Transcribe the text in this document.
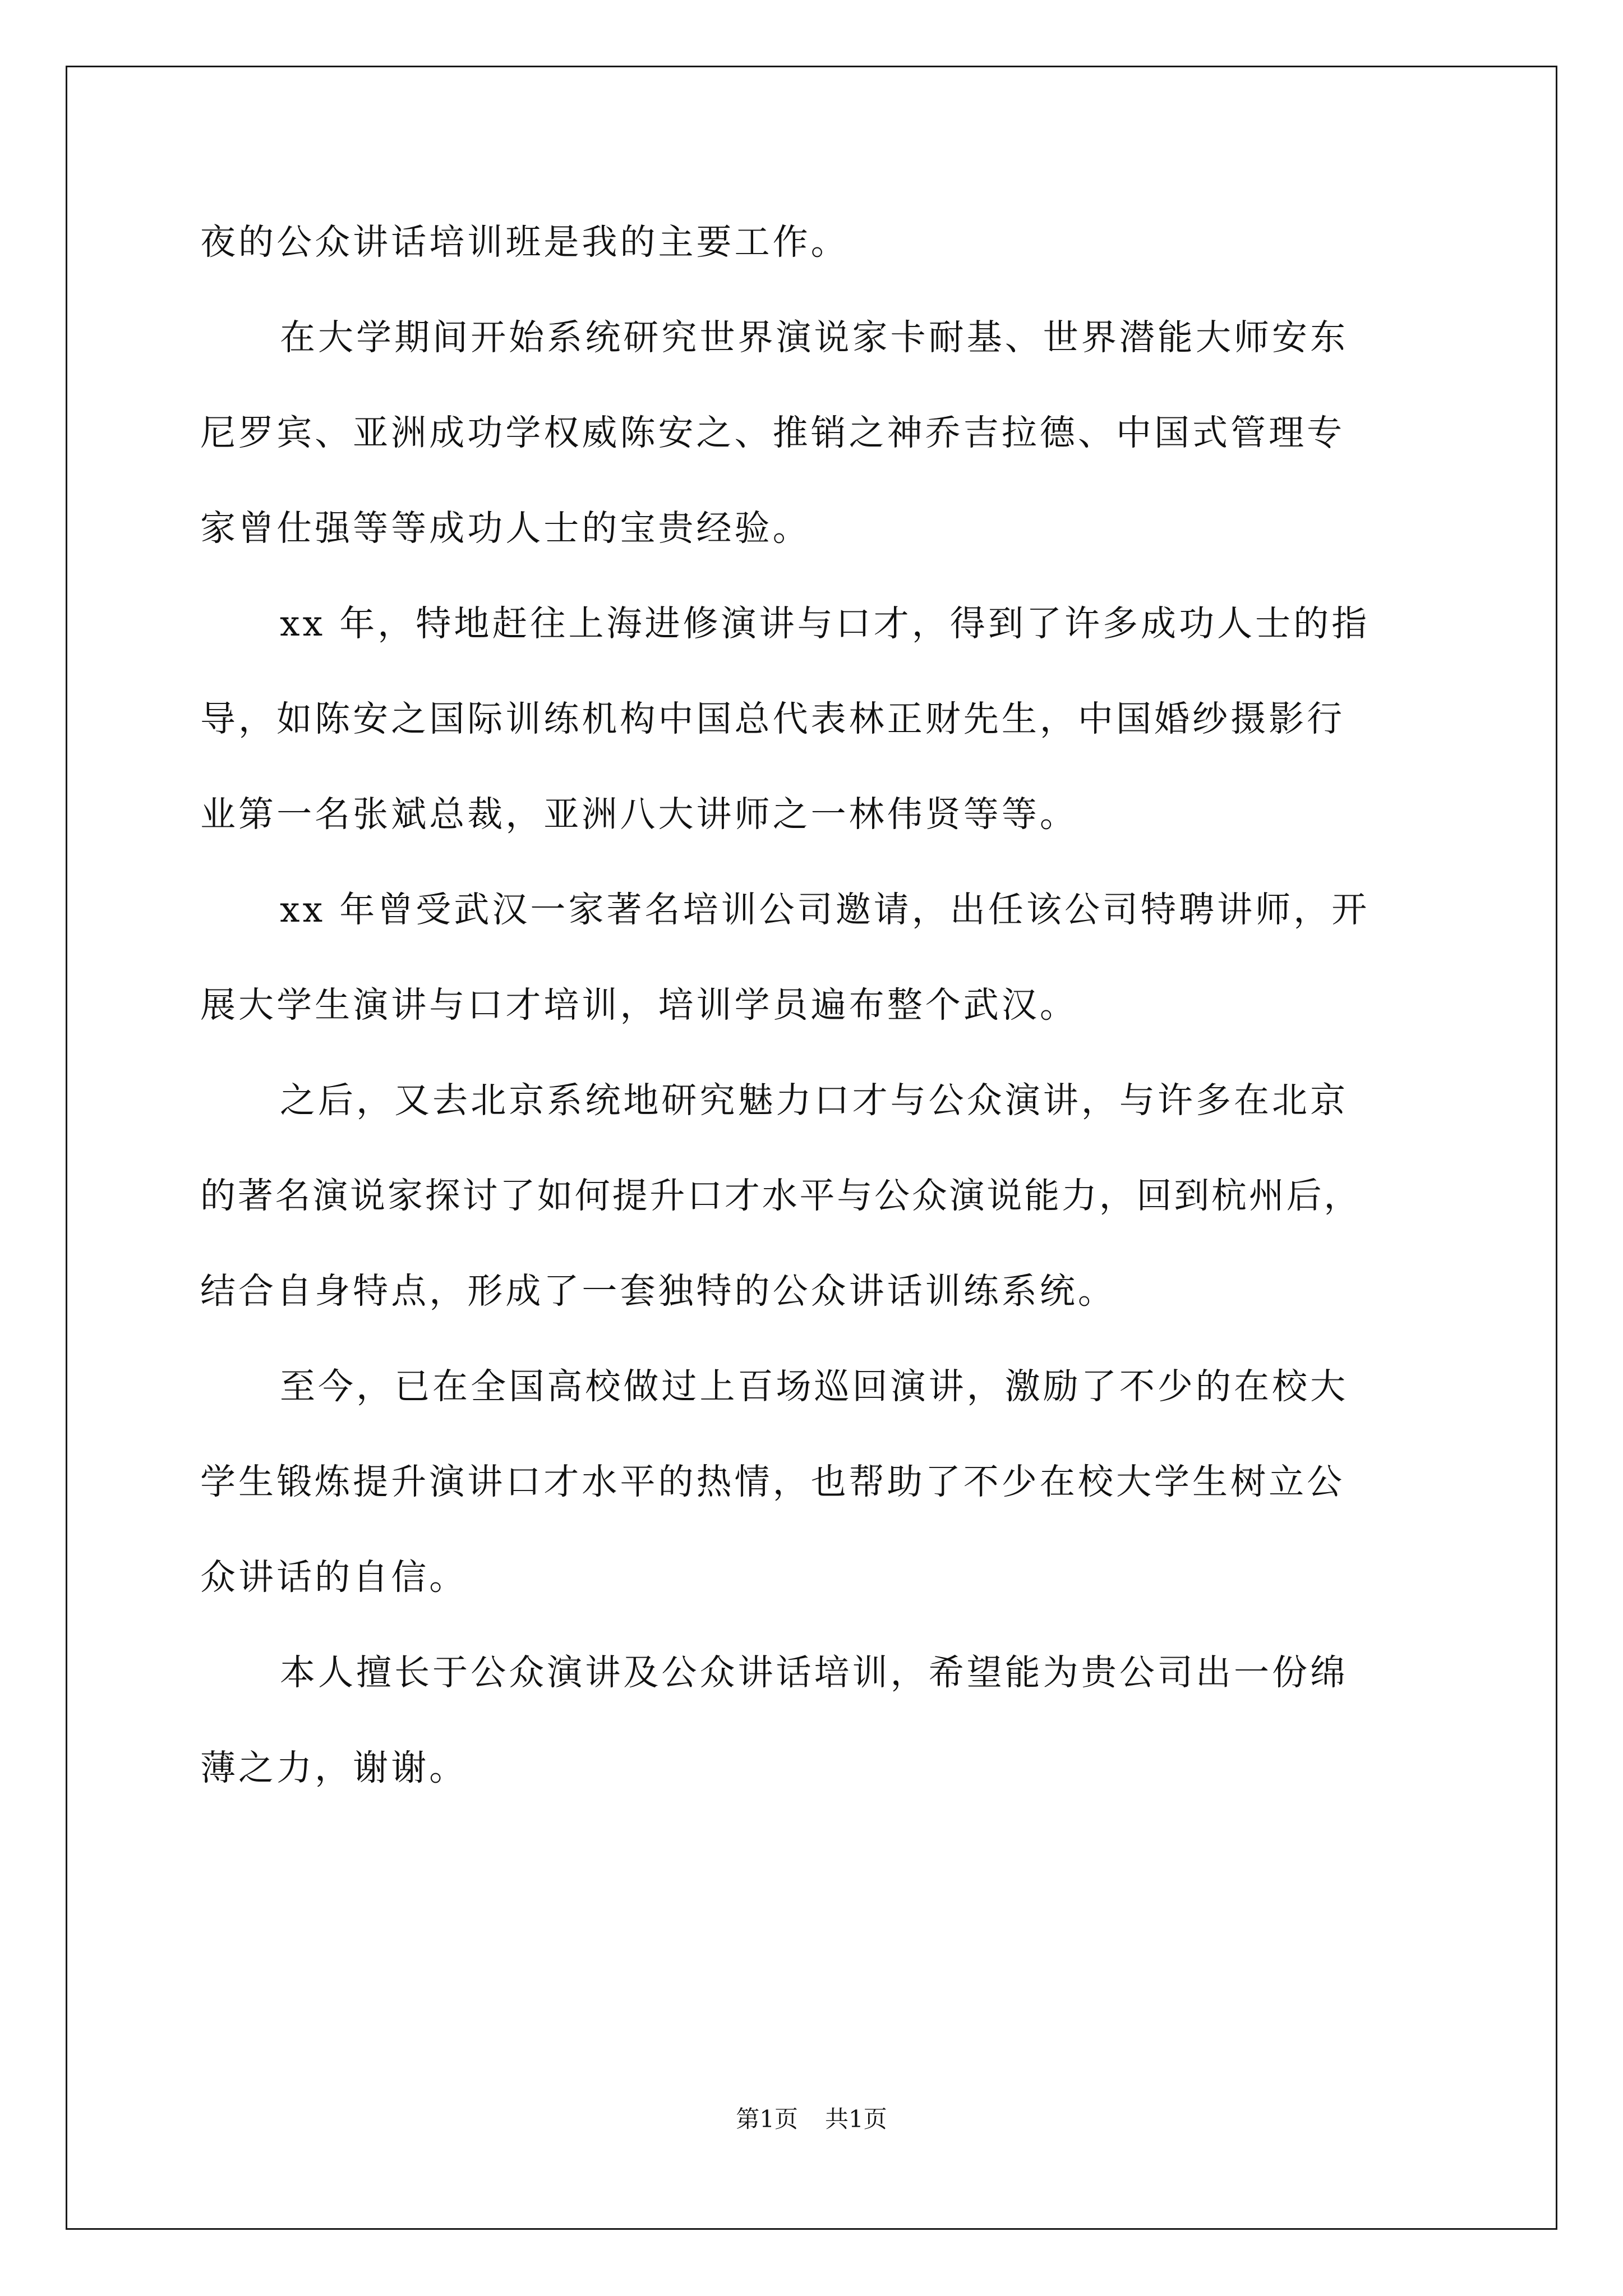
夜的公众讲话培训班是我的主要工作。
在大学期间开始系统研究世界演说家卡耐基、世界潜能大师安东
尼罗宾、亚洲成功学权威陈安之、推销之神乔吉拉德、中国式管理专
家曾仕强等等成功人士的宝贵经验。
xx 年，特地赶往上海进修演讲与口才，得到了许多成功人士的指
导，如陈安之国际训练机构中国总代表林正财先生，中国婚纱摄影行
业第一名张斌总裁，亚洲八大讲师之一林伟贤等等。
xx 年曾受武汉一家著名培训公司邀请，出任该公司特聘讲师，开
展大学生演讲与口才培训，培训学员遍布整个武汉。
之后，又去北京系统地研究魅力口才与公众演讲，与许多在北京
的著名演说家探讨了如何提升口才水平与公众演说能力，回到杭州后，
结合自身特点，形成了一套独特的公众讲话训练系统。
至今，已在全国高校做过上百场巡回演讲，激励了不少的在校大
学生锻炼提升演讲口才水平的热情，也帮助了不少在校大学生树立公
众讲话的自信。
本人擅长于公众演讲及公众讲话培训，希望能为贵公司出一份绵
薄之力，谢谢。
第1页 共1页
